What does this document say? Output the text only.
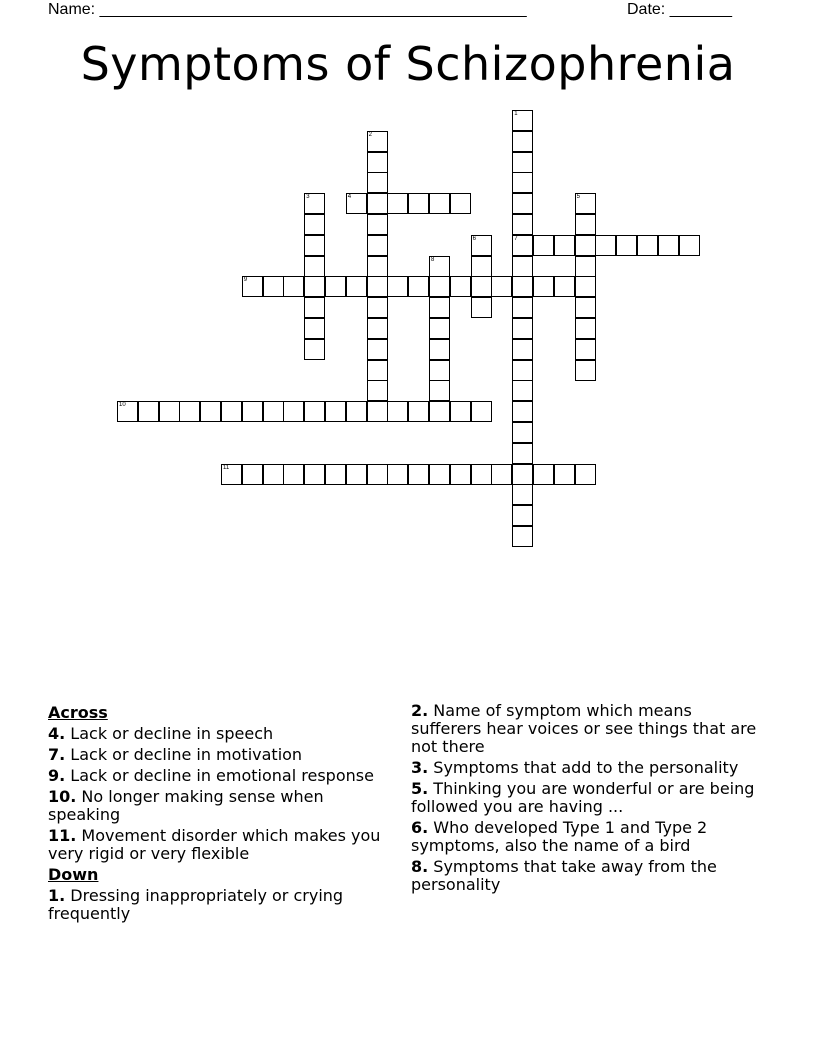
Name: ________________________________________________	Date: _______
Symptoms of Schizophrenia
1
7
2
3	4	5
6
8
9
10
11
Across
4. Lack or decline in speech
7. Lack or decline in motivation
9. Lack or decline in emotional response
10. No longer making sense when speaking
11. Movement disorder which makes you very rigid or very flexible
Down
1. Dressing inappropriately or crying frequently
2. Name of symptom which means sufferers hear voices or see things that are not there
3. Symptoms that add to the personality
5. Thinking you are wonderful or are being followed you are having ...
6. Who developed Type 1 and Type 2 symptoms, also the name of a bird
8. Symptoms that take away from the personality
